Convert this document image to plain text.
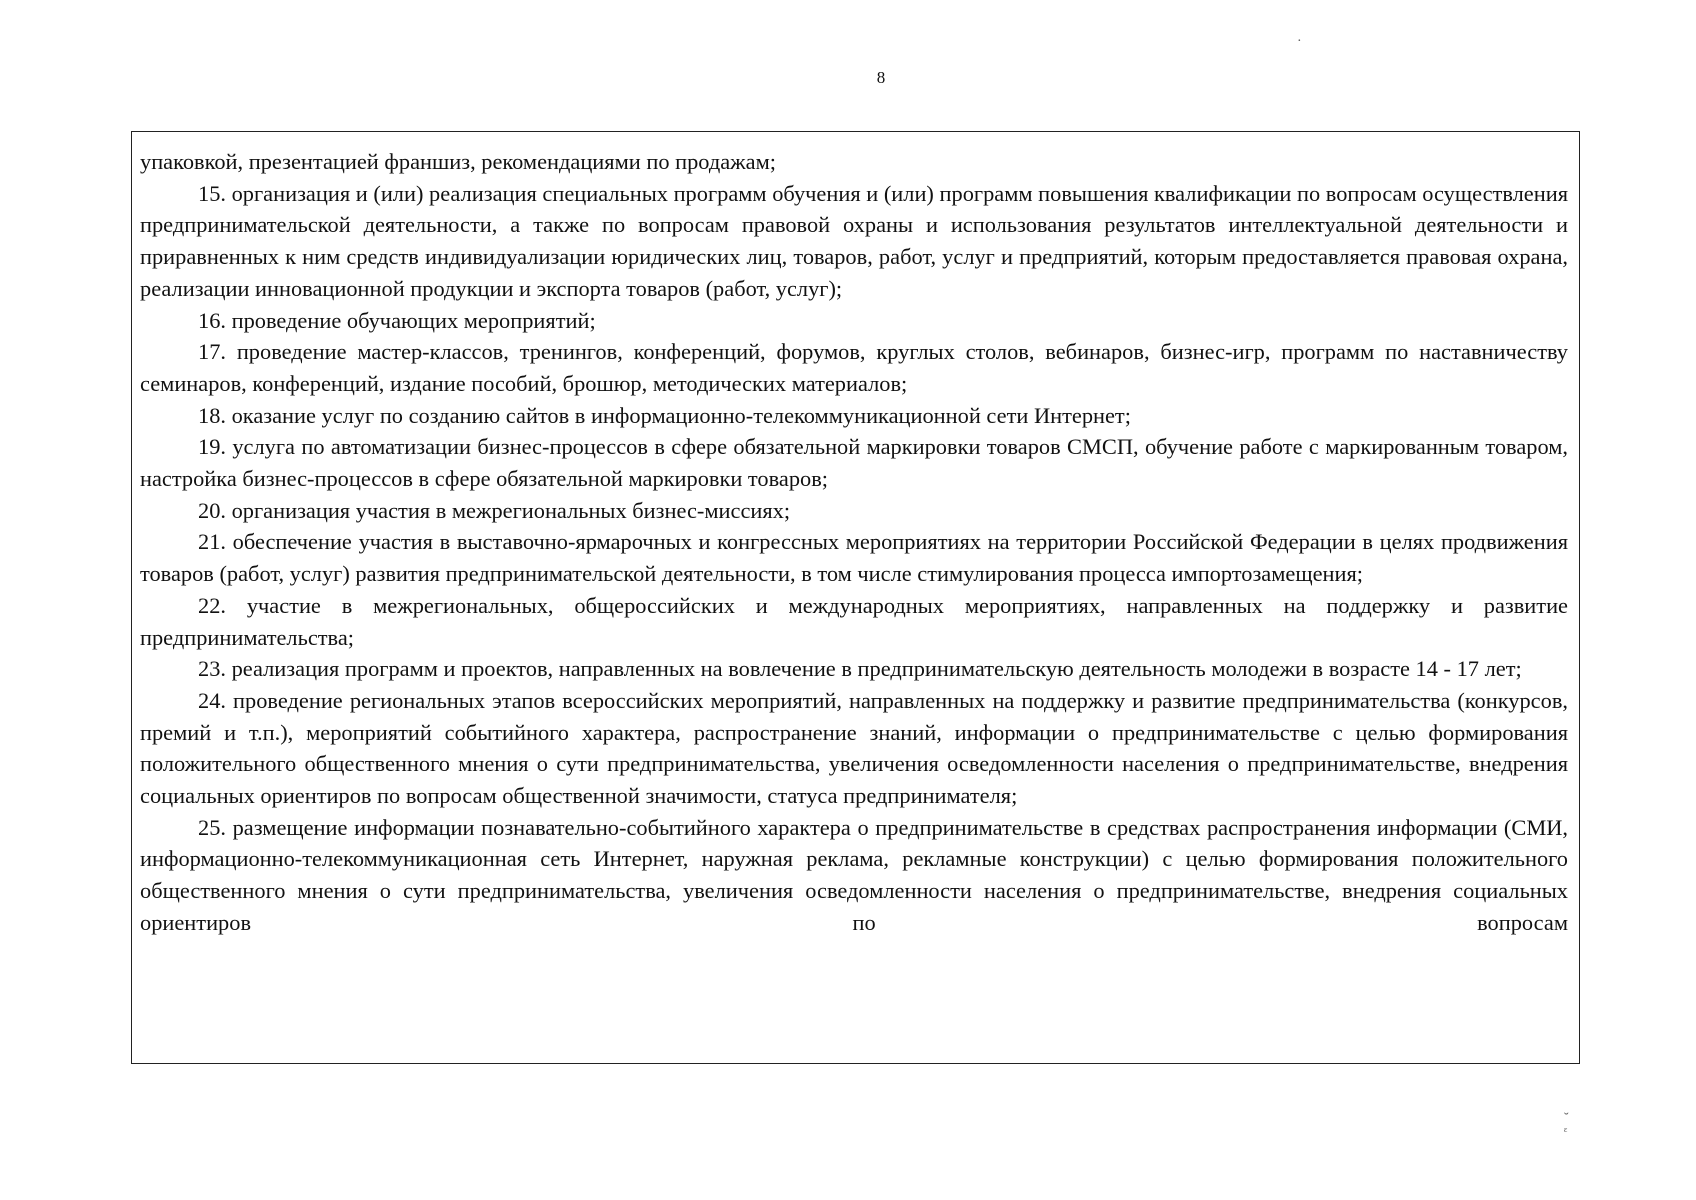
8
·

упаковкой, презентацией франшиз, рекомендациями по продажам;

15. организация и (или) реализация специальных программ обучения и (или) программ повышения квалификации по вопросам осуществления предпринимательской деятельности, а также по вопросам правовой охраны и использования результатов интеллектуальной деятельности и приравненных к ним средств индивидуализации юридических лиц, товаров, работ, услуг и предприятий, которым предоставляется правовая охрана, реализации инновационной продукции и экспорта товаров (работ, услуг);

16. проведение обучающих мероприятий;

17. проведение мастер-классов, тренингов, конференций, форумов, круглых столов, вебинаров, бизнес-игр, программ по наставничеству семинаров, конференций, издание пособий, брошюр, методических материалов;

18. оказание услуг по созданию сайтов в информационно-телекоммуникационной сети Интернет;

19. услуга по автоматизации бизнес-процессов в сфере обязательной маркировки товаров СМСП, обучение работе с маркированным товаром, настройка бизнес-процессов в сфере обязательной маркировки товаров;

20. организация участия в межрегиональных бизнес-миссиях;

21. обеспечение участия в выставочно-ярмарочных и конгрессных мероприятиях на территории Российской Федерации в целях продвижения товаров (работ, услуг) развития предпринимательской деятельности, в том числе стимулирования процесса импортозамещения;

22. участие в межрегиональных, общероссийских и международных мероприятиях, направленных на поддержку и развитие предпринимательства;

23. реализация программ и проектов, направленных на вовлечение в предпринимательскую деятельность молодежи в возрасте 14 - 17 лет;

24. проведение региональных этапов всероссийских мероприятий, направленных на поддержку и развитие предпринимательства (конкурсов, премий и т.п.), мероприятий событийного характера, распространение знаний, информации о предпринимательстве с целью формирования положительного общественного мнения о сути предпринимательства, увеличения осведомленности населения о предпринимательстве, внедрения социальных ориентиров по вопросам общественной значимости, статуса предпринимателя;

25. размещение информации познавательно-событийного характера о предпринимательстве в средствах распространения информации (СМИ, информационно-телекоммуникационная сеть Интернет, наружная реклама, рекламные конструкции) с целью формирования положительного общественного мнения о сути предпринимательства, увеличения осведомленности населения о предпринимательстве, внедрения социальных ориентиров по вопросам

˘
ᵋ
